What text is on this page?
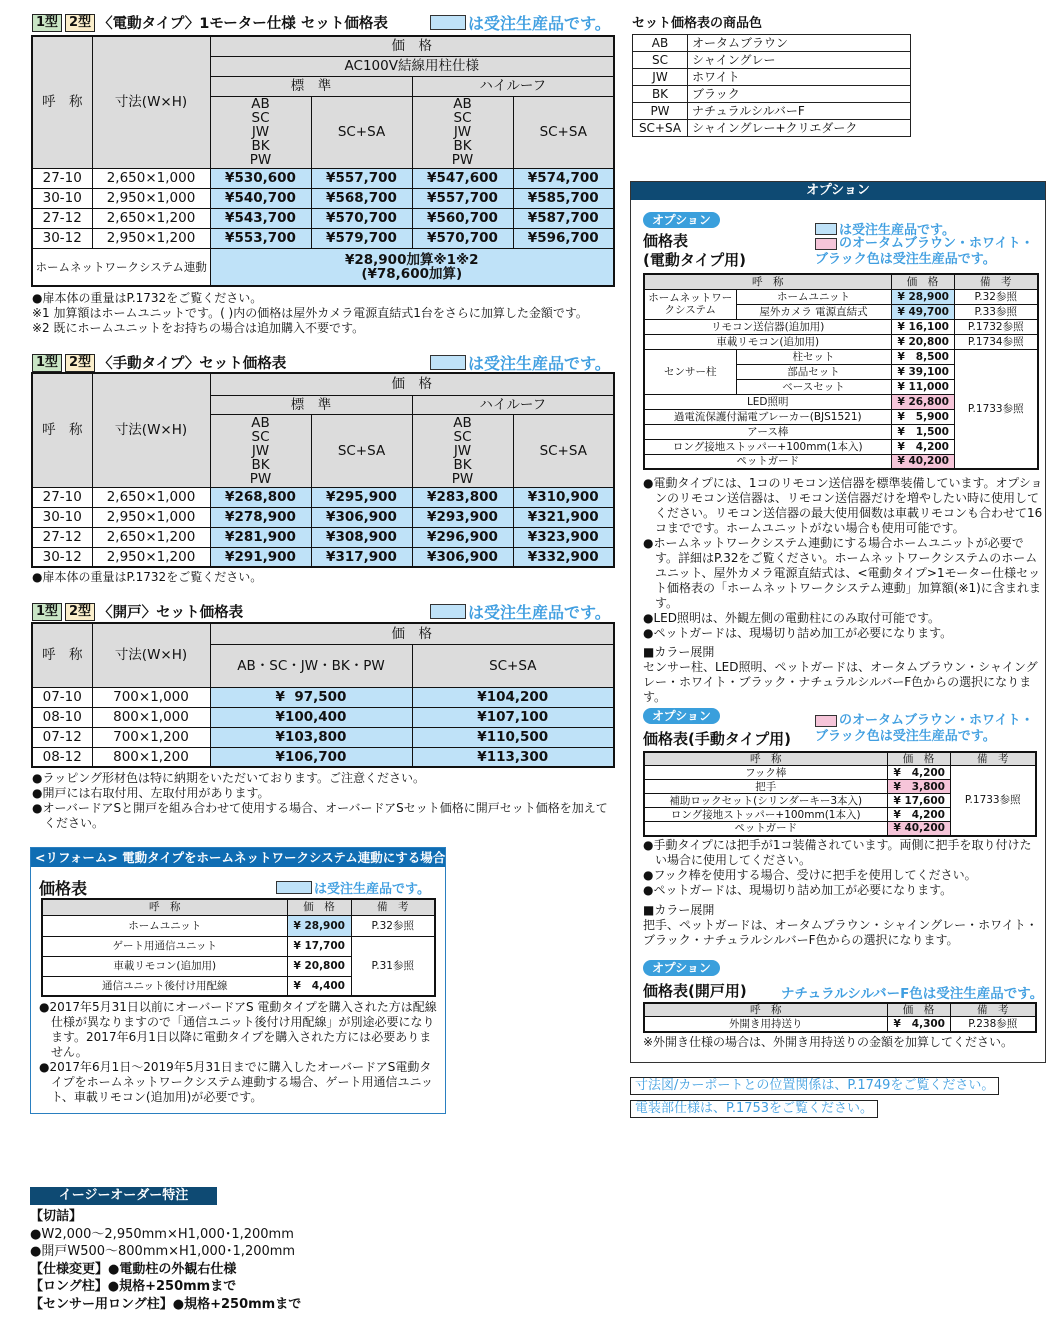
1型 2型 〈電動タイプ〉1モーター仕様 セット価格表	は受注生産品です。
呼　称	寸法(W×H)	価　格			
		AC100V結線用柱仕様			
		標　準		ハイルーフ	
		AB
SC
JW
BK
PW	SC+SA	AB
SC
JW
BK
PW	SC+SA
27-10	2,650×1,000	¥530,600	¥557,700	¥547,600	¥574,700
30-10	2,950×1,000	¥540,700	¥568,700	¥557,700	¥585,700
27-12	2,650×1,200	¥543,700	¥570,700	¥560,700	¥587,700
30-12	2,950×1,200	¥553,700	¥579,700	¥570,700	¥596,700
ホームネットワークシステム連動		¥28,900加算※1※2
(¥78,600加算)			
●扉本体の重量はP.1732をご覧ください。
※1 加算額はホームユニットです。( )内の価格は屋外カメラ電源直結式1台をさらに加算した金額です。
※2 既にホームユニットをお持ちの場合は追加購入不要です。
1型 2型 〈手動タイプ〉セット価格表	は受注生産品です。
呼　称	寸法(W×H)	価　格			
		標　準		ハイルーフ	
		AB
SC
JW
BK
PW	SC+SA	AB
SC
JW
BK
PW	SC+SA
27-10	2,650×1,000	¥268,800	¥295,900	¥283,800	¥310,900
30-10	2,950×1,000	¥278,900	¥306,900	¥293,900	¥321,900
27-12	2,650×1,200	¥281,900	¥308,900	¥296,900	¥323,900
30-12	2,950×1,200	¥291,900	¥317,900	¥306,900	¥332,900
●扉本体の重量はP.1732をご覧ください。
1型 2型 〈開戸〉セット価格表	は受注生産品です。
呼　称	寸法(W×H)	価　格	
		AB・SC・JW・BK・PW	SC+SA
07-10	700×1,000	¥  97,500	¥104,200
08-10	800×1,000	¥100,400	¥107,100
07-12	700×1,200	¥103,800	¥110,500
08-12	800×1,200	¥106,700	¥113,300
●ラッピング形材色は特に納期をいただいております。ご注意ください。
●開戸には右取付用、左取付用があります。
●オーバードアSと開戸を組み合わせて使用する場合、オーバードアSセット価格に開戸セット価格を加えてください。
<リフォーム> 電動タイプをホームネットワークシステム連動にする場合
価格表	は受注生産品です。
呼　称	価　格	備　考
ホームユニット	¥ 28,900	P.32参照
ゲート用通信ユニット	¥ 17,700	P.31参照
車載リモコン(追加用)	¥ 20,800	
通信ユニット後付け用配線	¥   4,400	
●2017年5月31日以前にオーバードアS 電動タイプを購入された方は配線仕様が異なりますので「通信ユニット後付け用配線」が別途必要になります。2017年6月1日以降に電動タイプを購入された方には必要ありません。
●2017年6月1日～2019年5月31日までに購入したオーバードアS電動タイプをホームネットワークシステム連動する場合、ゲート用通信ユニット、車載リモコン(追加用)が必要です。
イージーオーダー特注
【切詰】
●W2,000～2,950mm×H1,000･1,200mm
●開戸W500～800mm×H1,000･1,200mm
【仕様変更】●電動柱の外観右仕様
【ロング柱】●規格+250mmまで
【センサー用ロング柱】●規格+250mmまで
セット価格表の商品色
AB	オータムブラウン
SC	シャイングレー
JW	ホワイト
BK	ブラック
PW	ナチュラルシルバーF
SC+SA	シャイングレー+クリエダーク
オプション
オプション
価格表
(電動タイプ用)
は受注生産品です。
のオータムブラウン・ホワイト・ブラック色は受注生産品です。
呼　称		価　格	備　考
ホームネットワークシステム	ホームユニット	¥ 28,900	P.32参照
	屋外カメラ 電源直結式	¥ 49,700	P.33参照
リモコン送信器(追加用)		¥ 16,100	P.1732参照
車載リモコン(追加用)		¥ 20,800	P.1734参照
センサー柱	柱セット	¥   8,500	P.1733参照
	部品セット	¥ 39,100	
	ベースセット	¥ 11,000	
LED照明		¥ 26,800	
過電流保護付漏電ブレーカー(BJS1521)		¥   5,900	
アース棒		¥   1,500	
ロング接地ストッパー+100mm(1本入)		¥   4,200	
ペットガード		¥ 40,200	
●電動タイプには、1コのリモコン送信器を標準装備しています。オプションのリモコン送信器は、リモコン送信器だけを増やしたい時に使用してください。リモコン送信器の最大使用個数は車載リモコンも合わせて16コまでです。ホームユニットがない場合も使用可能です。
●ホームネットワークシステム連動にする場合ホームユニットが必要です。詳細はP.32をご覧ください。ホームネットワークシステムのホームユニット、屋外カメラ電源直結式は、<電動タイプ>1モーター仕様セット価格表の「ホームネットワークシステム連動」加算額(※1)に含まれます。
●LED照明は、外観左側の電動柱にのみ取付可能です。
●ペットガードは、現場切り詰め加工が必要になります。
■カラー展開
センサー柱、LED照明、ペットガードは、オータムブラウン・シャイングレー・ホワイト・ブラック・ナチュラルシルバーF色からの選択になります。
オプション
価格表(手動タイプ用)
のオータムブラウン・ホワイト・ブラック色は受注生産品です。
呼　称	価　格	備　考
フック棒	¥   4,200	P.1733参照
把手	¥   3,800	
補助ロックセット(シリンダーキー3本入)	¥ 17,600	
ロング接地ストッパー+100mm(1本入)	¥   4,200	
ペットガード	¥ 40,200	
●手動タイプには把手が1コ装備されています。両側に把手を取り付けたい場合に使用してください。
●フック棒を使用する場合、受けに把手を使用してください。
●ペットガードは、現場切り詰め加工が必要になります。
■カラー展開
把手、ペットガードは、オータムブラウン・シャイングレー・ホワイト・ブラック・ナチュラルシルバーF色からの選択になります。
オプション
価格表(開戸用)	ナチュラルシルバーF色は受注生産品です。
呼　称	価　格	備　考
外開き用持送り	¥   4,300	P.238参照
※外開き仕様の場合は、外開き用持送りの金額を加算してください。
寸法図/カーポートとの位置関係は、P.1749をご覧ください。
電装部仕様は、P.1753をご覧ください。
